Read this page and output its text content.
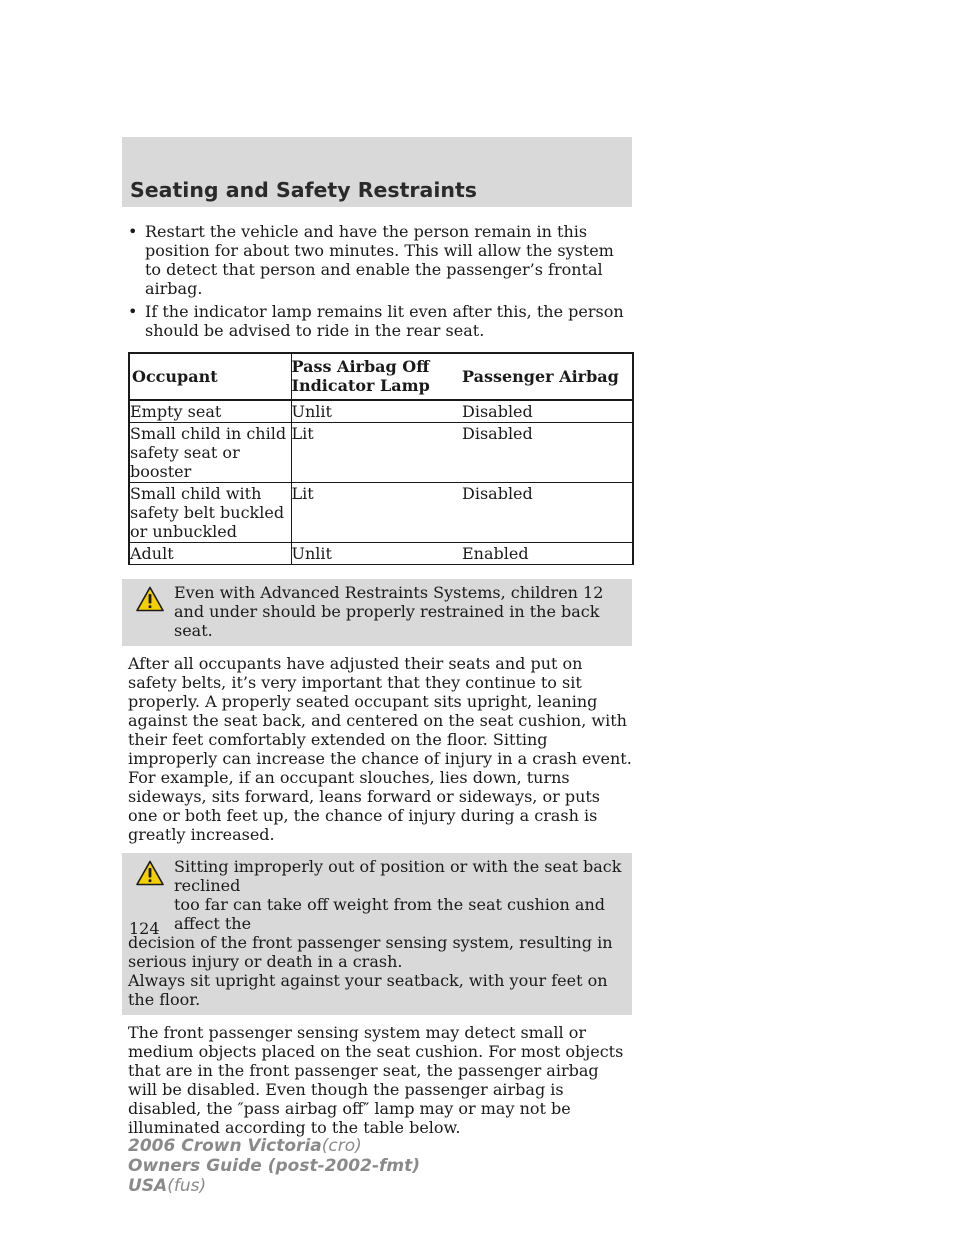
Seating and Safety Restraints
• Restart the vehicle and have the person remain in this position for about two minutes. This will allow the system to detect that person and enable the passenger’s frontal airbag.
• If the indicator lamp remains lit even after this, the person should be advised to ride in the rear seat.
Occupant	Pass Airbag Off Indicator Lamp	Passenger Airbag
Empty seat	Unlit	Disabled
Small child in child safety seat or booster	Lit	Disabled
Small child with safety belt buckled or unbuckled	Lit	Disabled
Adult	Unlit	Enabled

Even with Advanced Restraints Systems, children 12 and under should be properly restrained in the back seat.

After all occupants have adjusted their seats and put on safety belts, it’s very important that they continue to sit properly. A properly seated occupant sits upright, leaning against the seat back, and centered on the seat cushion, with their feet comfortably extended on the floor. Sitting improperly can increase the chance of injury in a crash event. For example, if an occupant slouches, lies down, turns sideways, sits forward, leans forward or sideways, or puts one or both feet up, the chance of injury during a crash is greatly increased.

Sitting improperly out of position or with the seat back reclined

too far can take off weight from the seat cushion and affect the

decision of the front passenger sensing system, resulting in serious injury or death in a crash.

Always sit upright against your seatback, with your feet on the floor.

The front passenger sensing system may detect small or medium objects placed on the seat cushion. For most objects that are in the front passenger seat, the passenger airbag will be disabled. Even though the passenger airbag is disabled, the ″pass airbag off″ lamp may or may not be illuminated according to the table below.

124
2006 Crown Victoria(cro)
Owners Guide (post-2002-fmt)
USA(fus)
